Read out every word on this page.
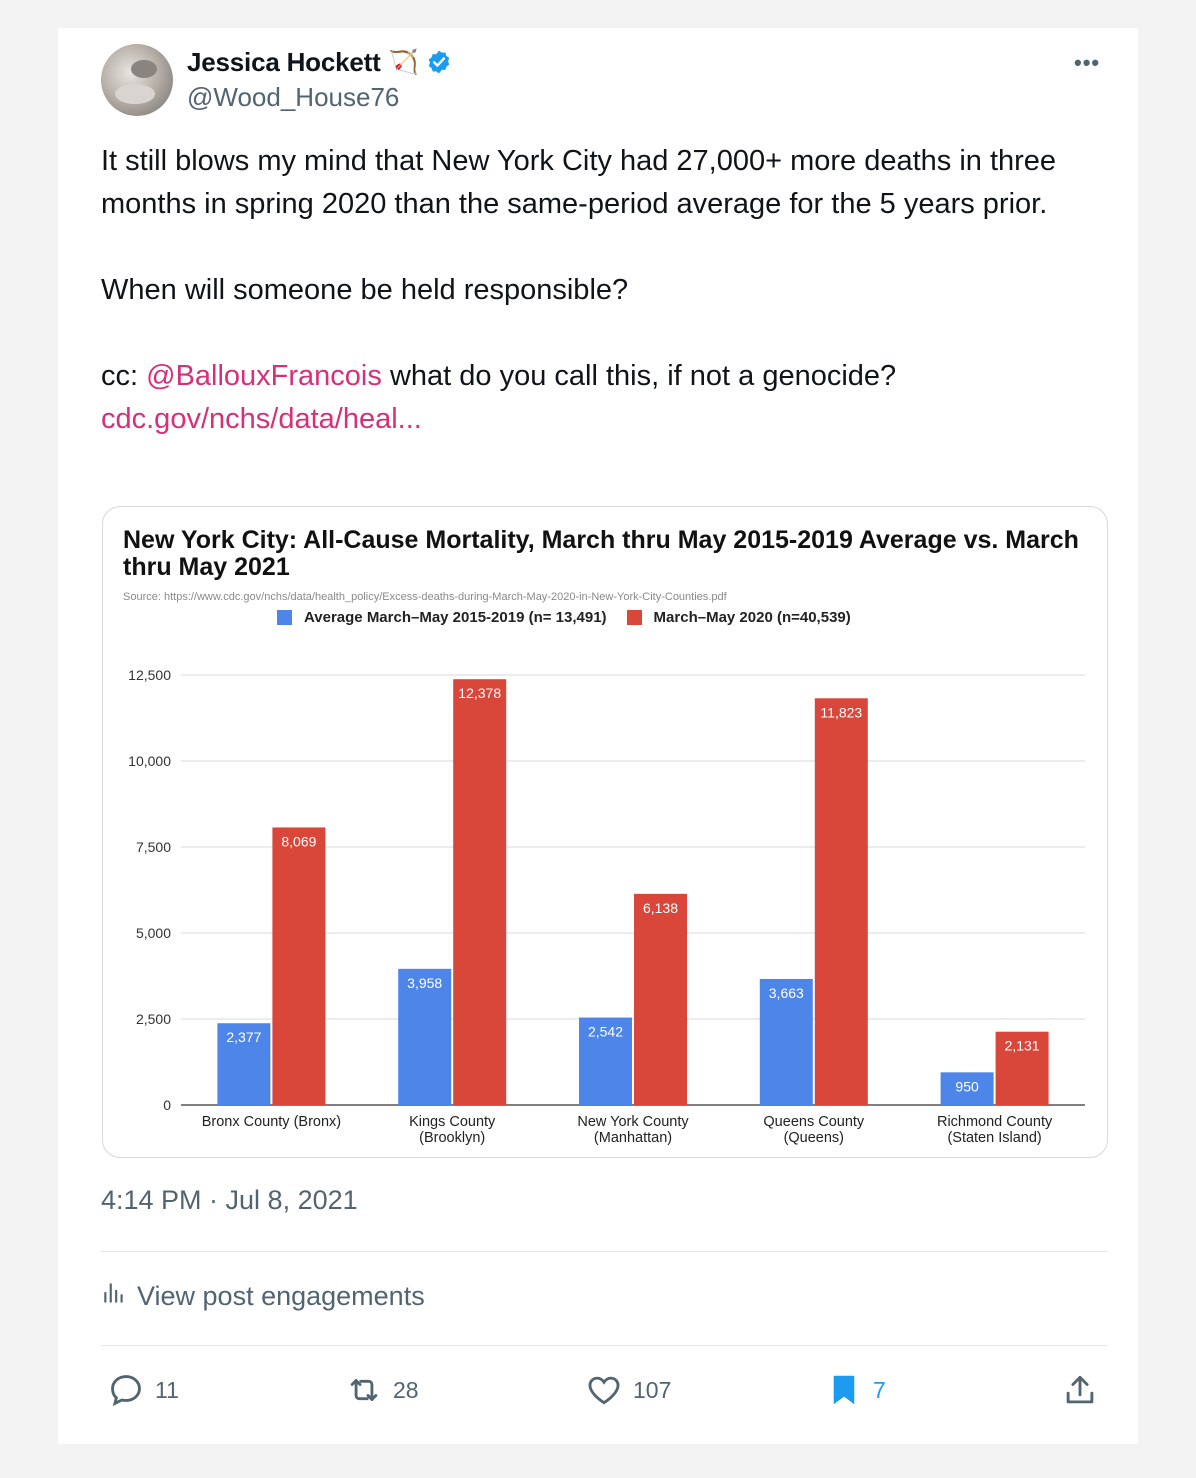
Jessica Hockett 🏹
@Wood_House76
•••

It still blows my mind that New York City had 27,000+ more deaths in three months in spring 2020 than the same-period average for the 5 years prior.

When will someone be held responsible?

cc: @BallouxFrancois what do you call this, if not a genocide?

cdc.gov/nchs/data/heal...

New York City: All-Cause Mortality, March thru May 2015-2019 Average vs. March thru May 2021
Source: https://www.cdc.gov/nchs/data/health_policy/Excess-deaths-during-March-May-2020-in-New-York-City-Counties.pdf
Average March–May 2015-2019 (n= 13,491)	March–May 2020 (n=40,539)
0
2,500
5,000
7,500
10,000
12,500
2,377
8,069
Bronx County (Bronx)
3,958
12,378
Kings County
(Brooklyn)
2,542
6,138
New York County
(Manhattan)
3,663
11,823
Queens County
(Queens)
950
2,131
Richmond County
(Staten Island)
4:14 PM · Jul 8, 2021
View post engagements
11	28	107	7
